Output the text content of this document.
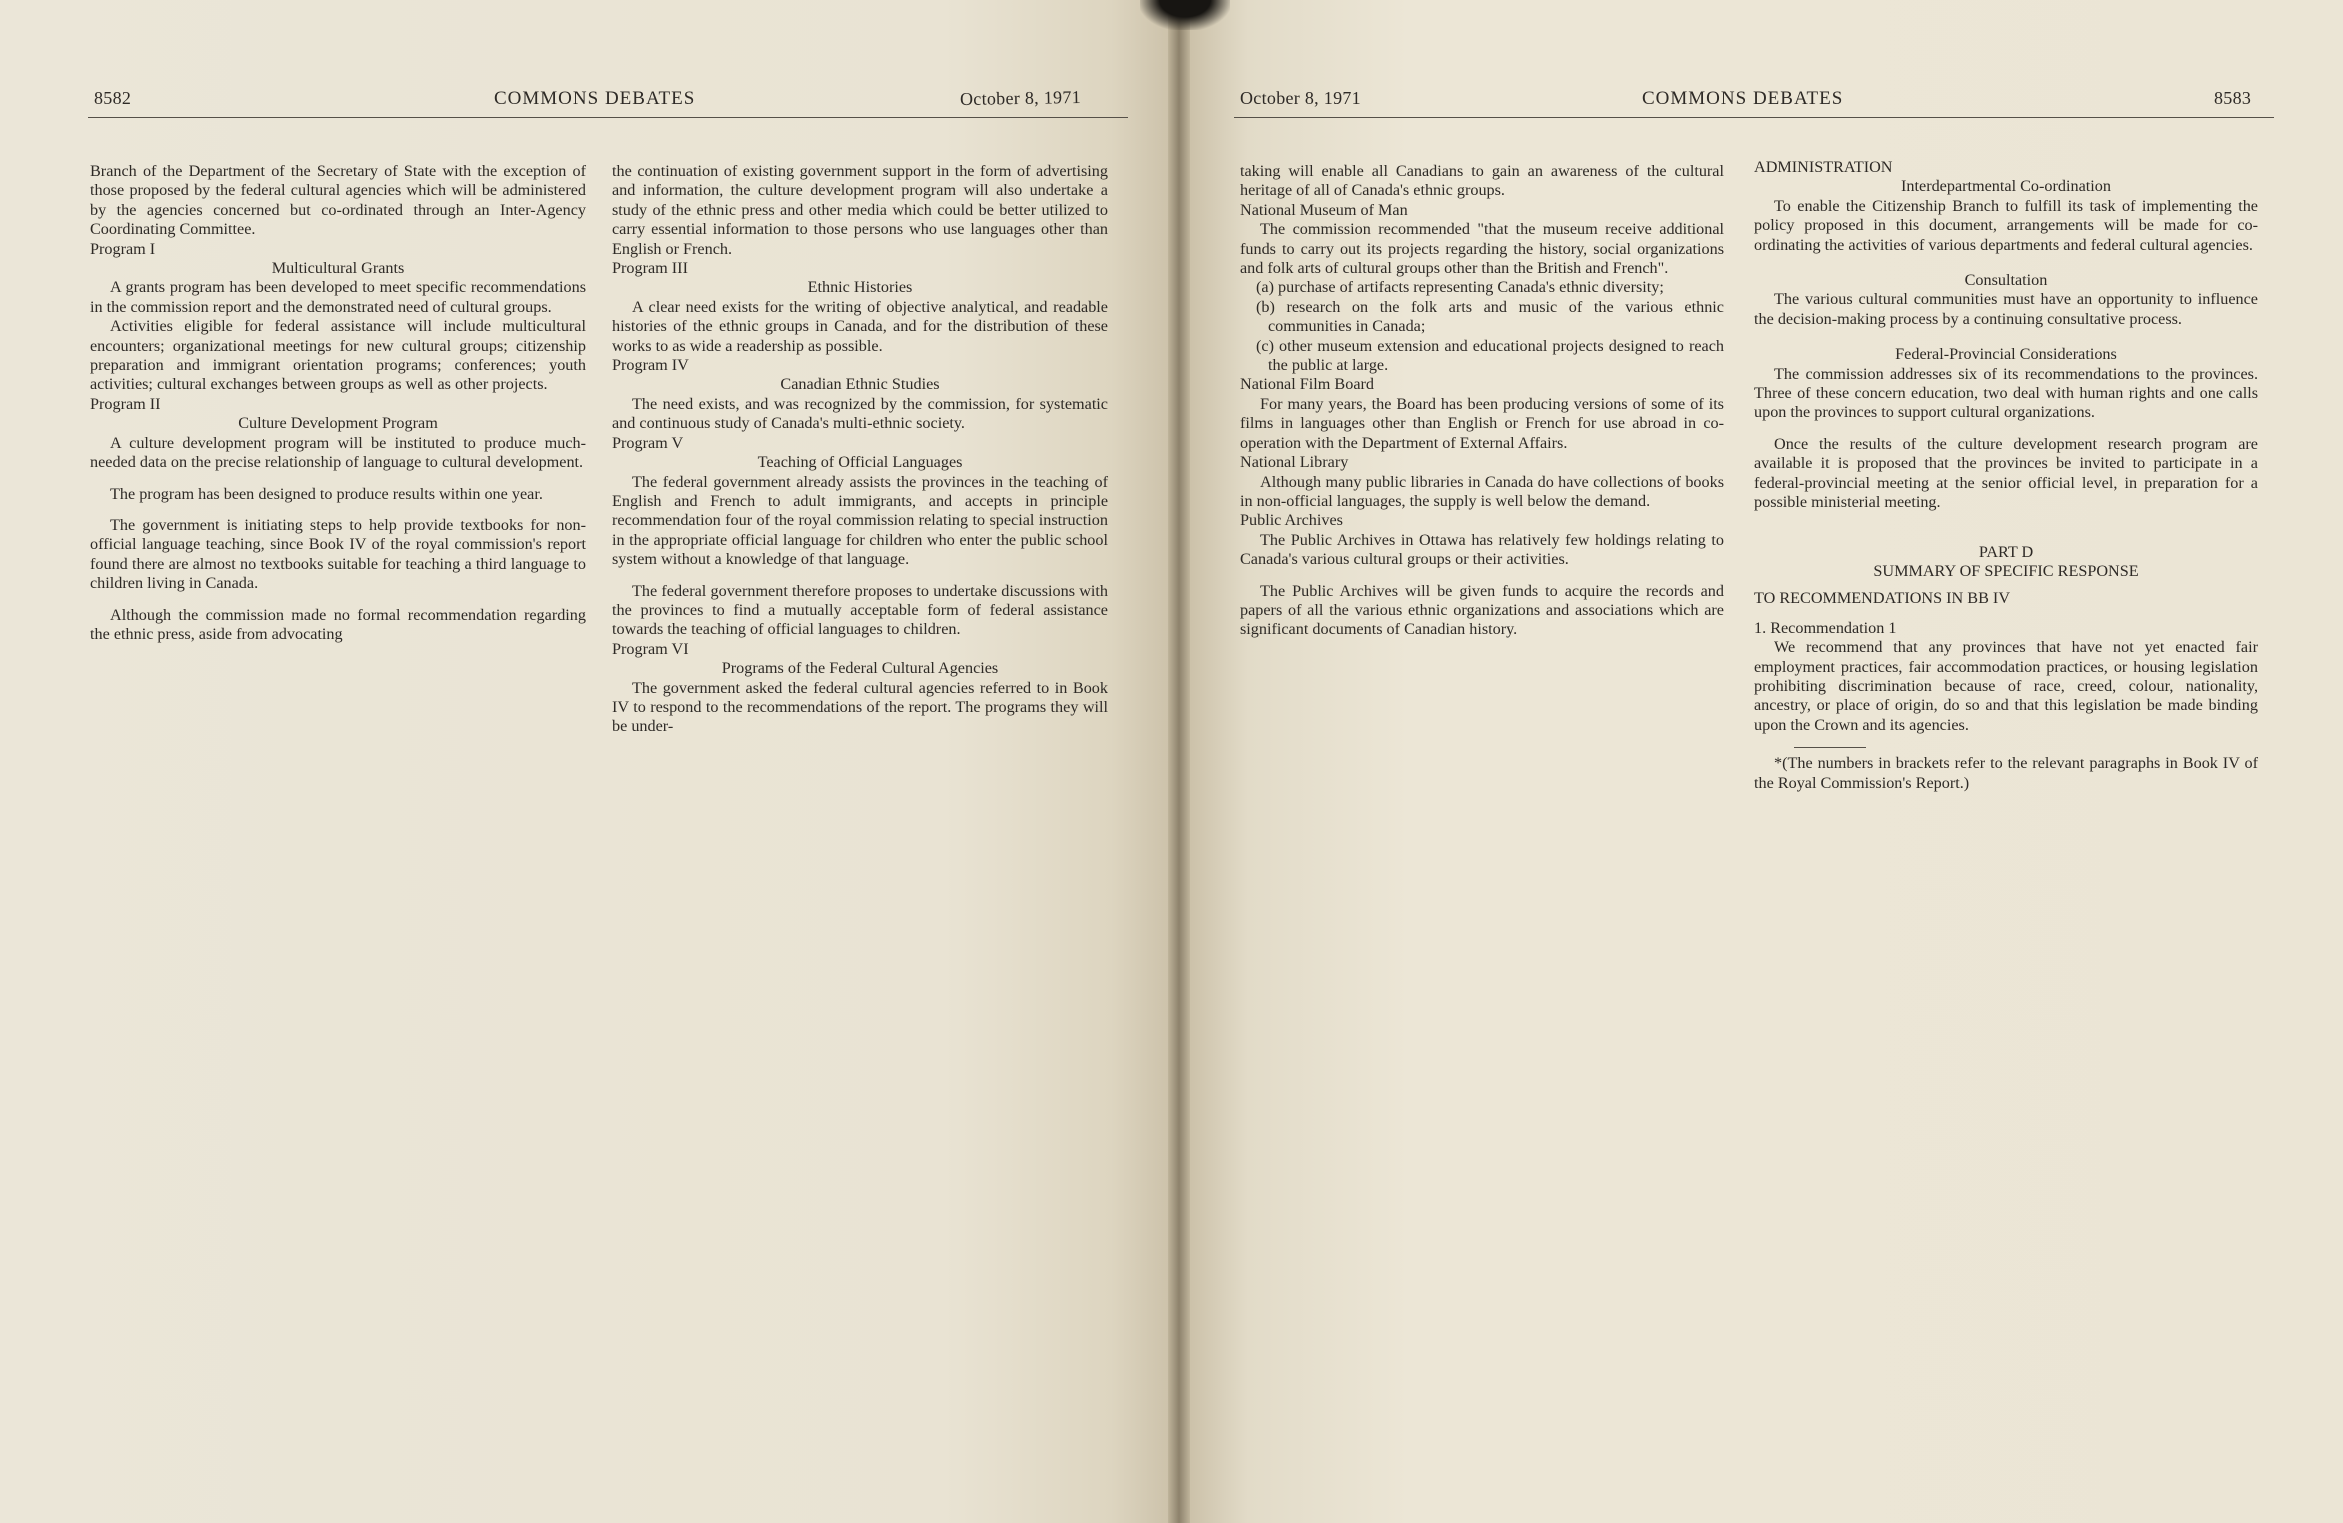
8582	COMMONS DEBATES	October 8, 1971

Branch of the Department of the Secretary of State with the exception of those proposed by the federal cultural agencies which will be administered by the agencies concerned but co-ordinated through an Inter-Agency Coordinating Committee.

Program I

Multicultural Grants

A grants program has been developed to meet specific recommendations in the commission report and the demonstrated need of cultural groups.

Activities eligible for federal assistance will include multicultural encounters; organizational meetings for new cultural groups; citizenship preparation and immigrant orientation programs; conferences; youth activities; cultural exchanges between groups as well as other projects.

Program II

Culture Development Program

A culture development program will be instituted to produce much-needed data on the precise relationship of language to cultural development.

The program has been designed to produce results within one year.

The government is initiating steps to help provide textbooks for non-official language teaching, since Book IV of the royal commission's report found there are almost no textbooks suitable for teaching a third language to children living in Canada.

Although the commission made no formal recommendation regarding the ethnic press, aside from advocating

the continuation of existing government support in the form of advertising and information, the culture development program will also undertake a study of the ethnic press and other media which could be better utilized to carry essential information to those persons who use languages other than English or French.

Program III

Ethnic Histories

A clear need exists for the writing of objective analytical, and readable histories of the ethnic groups in Canada, and for the distribution of these works to as wide a readership as possible.

Program IV

Canadian Ethnic Studies

The need exists, and was recognized by the commission, for systematic and continuous study of Canada's multi-ethnic society.

Program V

Teaching of Official Languages

The federal government already assists the provinces in the teaching of English and French to adult immigrants, and accepts in principle recommendation four of the royal commission relating to special instruction in the appropriate official language for children who enter the public school system without a knowledge of that language.

The federal government therefore proposes to undertake discussions with the provinces to find a mutually acceptable form of federal assistance towards the teaching of official languages to children.

Program VI

Programs of the Federal Cultural Agencies

The government asked the federal cultural agencies referred to in Book IV to respond to the recommendations of the report. The programs they will be under-

October 8, 1971	COMMONS DEBATES	8583

taking will enable all Canadians to gain an awareness of the cultural heritage of all of Canada's ethnic groups.

National Museum of Man

The commission recommended "that the museum receive additional funds to carry out its projects regarding the history, social organizations and folk arts of cultural groups other than the British and French".

(a) purchase of artifacts representing Canada's ethnic diversity;

(b) research on the folk arts and music of the various ethnic communities in Canada;

(c) other museum extension and educational projects designed to reach the public at large.

National Film Board

For many years, the Board has been producing versions of some of its films in languages other than English or French for use abroad in co-operation with the Department of External Affairs.

National Library

Although many public libraries in Canada do have collections of books in non-official languages, the supply is well below the demand.

Public Archives

The Public Archives in Ottawa has relatively few holdings relating to Canada's various cultural groups or their activities.

The Public Archives will be given funds to acquire the records and papers of all the various ethnic organizations and associations which are significant documents of Canadian history.

ADMINISTRATION

Interdepartmental Co-ordination

To enable the Citizenship Branch to fulfill its task of implementing the policy proposed in this document, arrangements will be made for co-ordinating the activities of various departments and federal cultural agencies.

Consultation

The various cultural communities must have an opportunity to influence the decision-making process by a continuing consultative process.

Federal-Provincial Considerations

The commission addresses six of its recommendations to the provinces. Three of these concern education, two deal with human rights and one calls upon the provinces to support cultural organizations.

Once the results of the culture development research program are available it is proposed that the provinces be invited to participate in a federal-provincial meeting at the senior official level, in preparation for a possible ministerial meeting.

PART D

SUMMARY OF SPECIFIC RESPONSE

TO RECOMMENDATIONS IN BB IV

1. Recommendation 1

We recommend that any provinces that have not yet enacted fair employment practices, fair accommodation practices, or housing legislation prohibiting discrimination because of race, creed, colour, nationality, ancestry, or place of origin, do so and that this legislation be made binding upon the Crown and its agencies.

*(The numbers in brackets refer to the relevant paragraphs in Book IV of the Royal Commission's Report.)
